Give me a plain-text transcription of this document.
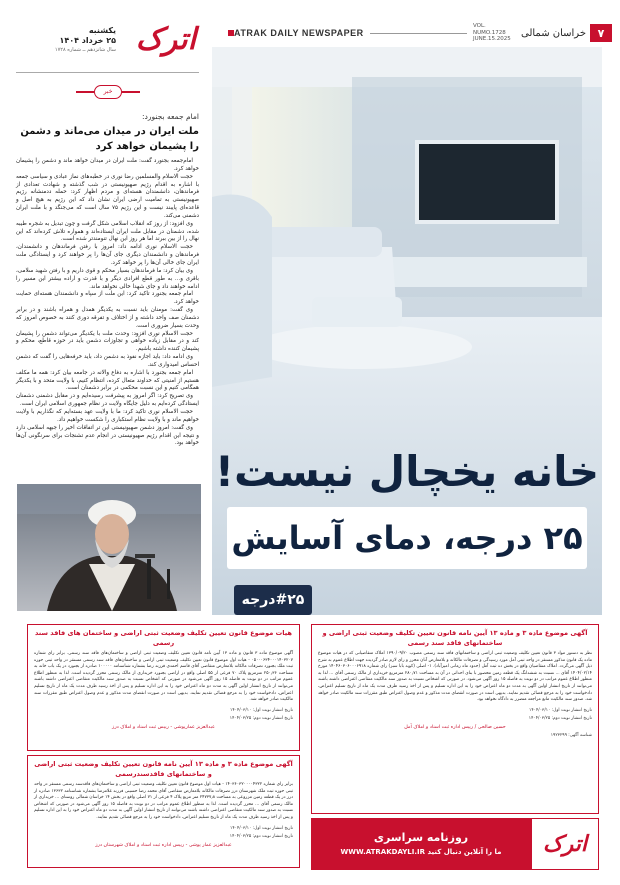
۷
خراسان شمالی
VOL. NUMO.1728
JUNE.15.2025
ATRAK DAILY NEWSPAPER
اترک
یکشنبه
۲۵ خرداد ۱۴۰۴
سال شانزدهم ــ شماره ۱۷۲۸
خبر
امام جمعه بجنورد:
ملت ایران در میدان می‌ماند و دشمن را پشیمان خواهد کرد

امام‌جمعه بجنورد گفت: ملت ایران در میدان خواهد ماند و دشمن را پشیمان خواهد کرد.

حجت الاسلام والمسلمین رضا نوری در خطبه‌های نماز عبادی و سیاسی جمعه با اشاره به اقدام رژیم صهیونیستی در شب گذشته و شهادت تعدادی از فرماندهان، دانشمندان هسته‌ای و مردم اظهار کرد: حمله ددمنشانه رژیم صهیونیستی به تمامیت ارضی ایران نشان داد که این رژیم به هیچ اصل و قاعده‌ای پایبند نیست و این رژیم ۷۵ سال است که می‌جنگد و با ملت ایران دشمنی می‌کند.

وی افزود: از روز که انقلاب اسلامی شکل گرفت و چون تبدیل به شجره طیبه شده، دشمنان در مقابل ملت ایران ایستاده‌اند و همواره تلاش کرده‌اند که این نهال را از بین ببرند اما هر روز این نهال تنومندتر شده است.

حجت الاسلام نوری ادامه داد: امروز با رفتن فرماندهان و دانشمندان، فرماندهان و دانشمندان دیگری جای آن‌ها را پر خواهند کرد و ایستادگی ملت ایران جای خالی آن‌ها را پر خواهد کرد.

وی بیان کرد: ما فرماندهان بسیار محکم و قوی داریم و با رفتن شهید سلامی، باقری و... به طور قطع افرادی دیگر و با قدرت و اراده بیشتر این مسیر را ادامه خواهند داد و جای شهدا خالی نخواهد ماند.

امام جمعه بجنورد تاکید کرد: این ملت از سپاه و دانشمندان هسته‌ای حمایت خواهد کرد.

وی گفت: مومنان باید نسبت به یکدیگر همدل و همراه باشند و در برابر دشمنان صف واحد داشته و از اختلاف و تفرقه دوری کنند به خصوص امروز که وحدت بسیار ضروری است.

حجت الاسلام نوری افزود: وحدت ملت با یکدیگر می‌تواند دشمن را پشیمان کند و در مقابل زیاده خواهی و تجاوزات دشمن باید در حوزه قاطع، محکم و پشیمان کننده داشته باشیم.

وی ادامه داد: باید اجازه نفوذ به دشمن داد، باید خرفه‌هایی را گفت که دشمن احساس امیدواری کند.

امام جمعه بجنورد با اشاره به دفاع والانه در جامعه بیان کرد: همه ما مکلف هستیم از امنیتی که خداوند متعال کرده، انتظام کنیم، با ولایت متحد و با یکدیگر همگامی کنیم و این نسبت محکمی در برابر دشمنان است.

وی تصریح کرد: اگر امروز به پیشرفت رسیده‌ایم و در مقابل دشمنی دشمنان ایستادگی کرده‌ایم به دلیل جایگاه ولایت در نظام جمهوری اسلامی ایران است.

حجت الاسلام نوری تاکید کرد: ما با ولایت عهد بسته‌ایم که نگذاریم با ولایت خواهیم ماند و با ولایت نظام استکباری را شکست خواهیم داد.

وی گفت: امروز دشمن صهیونیستی این تر اتفاقات اخیر را جبهه اسلامی دارد و نتیجه این اقدام رژیم صهیونیستی در انجام عدم تشنجات برای سرنگونی آن‌ها خواهد بود.

خانه یخچال نیست!
۲۵ درجه، دمای آسایش
#۲۵درجه
هیات موضوع قانون تعیین تکلیف وضعیت ثبتی اراضی و ساختمان های فاقد سند رسمی
آگهی موضوع ماده ۳ قانون و ماده ۱۳ آیین نامه قانون تعیین تکلیف وضعیت ثبتی اراضی و ساختمان‌های فاقد سند رسمی. برابر رای شماره ۰۵۰۰۰۶۳۴۰۰۰۱۴۰۳۲۰۷ - هیات اول موضوع قانون تعیین تکلیف وضعیت ثبتی اراضی و ساختمان‌های فاقد سند رسمی مستقر در واحد ثبتی حوزه ثبت ملک بجنورد تصرفات مالکانه بلامعارض متقاضی آقای قاسم احمدی فرزند رضا بشماره شناسنامه ۱۰۰۰۰۰ صادره از بجنورد در یک باب خانه به مساحت ۲۵۰٫۳۶ مترمربع پلاک ۷۰ فرعی از ۵۵ اصلی واقع در اراضی بجنورد خریداری از مالک رسمی محرز گردیده است. لذا به منظور اطلاع عموم مراتب در دو نوبت به فاصله ۱۵ روز آگهی می‌شود در صورتی که اشخاص نسبت به صدور سند مالکیت متقاضی اعتراضی داشته باشند می‌توانند از تاریخ انتشار اولین آگهی به مدت دو ماه اعتراض خود را به این اداره تسلیم و پس از اخذ رسید ظرف مدت یک ماه از تاریخ تسلیم اعتراض، دادخواست خود را به مرجع قضائی تقدیم نمایند. بدیهی است در صورت انقضای مدت مذکور و عدم وصول اعتراض طبق مقررات سند مالکیت صادر خواهد شد.
تاریخ انتشار نوبت اول: ۱۴۰۴/۰۳/۱۰
تاریخ انتشار نوبت دوم: ۱۴۰۴/۰۳/۲۵
عبدالعزیز عمارپوشی - رییس ثبت اسناد و املاک درز
آگهی موضوع ماده ۳ و ماده ۱۳ آیین نامه قانون تعیین تکلیف وضعیت ثبتی اراضی و ساختمانهای فاقدسندرسمی
برابر رای شماره ۱۴۰۳۶۰۳۲۰۰۰۰۴۳۲۲ - هیات اول موضوع قانون تعیین تکلیف وضعیت ثبتی اراضی و ساختمان‌های فاقدسند رسمی مستقر در واحد ثبتی حوزه ثبت ملک شهرستان درز تصرفات مالکانه بلامعارض متقاضی آقای محمد رضا حسینی فرزند غلامرضا بشماره شناسنامه ۱۳۶۳۲ صادره از درز در یک قطعه زمین مزروعی به مساحت ۲۴۷۳۷٫۸ متر مربع پلاک ۴ فرعی از ۷۱ اصلی واقع در بخش ۱۴ خراسان شمالی روستای ... خریداری از مالک رسمی آقای ... محرز گردیده است. لذا به منظور اطلاع عموم مراتب در دو نوبت به فاصله ۱۵ روز آگهی می‌شود در صورتی که اشخاص نسبت به صدور سند مالکیت متقاضی اعتراضی داشته باشند می‌توانند از تاریخ انتشار اولین آگهی به مدت دو ماه اعتراض خود را به این اداره تسلیم و پس از اخذ رسید ظرف مدت یک ماه از تاریخ تسلیم اعتراض، دادخواست خود را به مرجع قضائی تقدیم نمایند.
تاریخ انتشار نوبت اول: ۱۴۰۴/۰۳/۱۰
تاریخ انتشار نوبت دوم: ۱۴۰۴/۰۳/۲۵
عبدالعزیز عمار پوشی - رییس اداره ثبت اسناد و املاک شهرستان درز
آگهی موضوع ماده ۳ و ماده ۱۳ آیین نامه قانون تعیین تکلیف وضعیت ثبتی اراضی و ساختمانهای فاقد سند رسمی
نظر به دستور مواد ۳ قانون تعیین تکلیف وضعیت ثبتی اراضی و ساختمانهای فاقد سند رسمی مصوب ۱۳۹۰/۰۹/۲۰ املاک متقاضیانی که در هیات موضوع ماده یک قانون مذکور مستقر در واحد ثبتی آمل مورد رسیدگی و تصرفات مالکانه و بلامعارض آنان محرز و رای لازم صادر گردیده جهت اطلاع عموم به شرح ذیل آگهی می‌گردد. املاک متقاضیان واقع در بخش ده ثبت آمل (حدود ماه زمانی امیرآباد). ۱- اصلی (کوپه بابا سبز) رای شماره ۱۴۰۴۶۰۳۰۶۰۰۰۶۹۱۸ مورخ ۱۴۰۴/۰۲/۱۴ آقای ... نسبت به ششدانگ یک قطعه زمین محصور با بنای احداثی در آن به مساحت ۲۸۰٫۷۱ مترمربع خریداری از مالک رسمی آقای ... لذا به منظور اطلاع عموم مراتب در دو نوبت به فاصله ۱۵ روز آگهی می‌شود. در صورتی که اشخاص نسبت به صدور سند مالکیت متقاضی اعتراضی داشته باشند می‌توانند از تاریخ انتشار اولین آگهی به مدت دو ماه اعتراض خود را به این اداره تسلیم و پس از اخذ رسید ظرف مدت یک ماه از تاریخ تسلیم اعتراض، دادخواست خود را به مرجع قضائی تقدیم نمایند. بدیهی است در صورت انقضای مدت مذکور و عدم وصول اعتراض طبق مقررات سند مالکیت صادر خواهد شد. صدور سند مالکیت مانع مراجعه متضرر به دادگاه نخواهد بود.
تاریخ انتشار نوبت اول: ۱۴۰۴/۰۳/۱۰
تاریخ انتشار نوبت دوم: ۱۴۰۴/۰۳/۲۵
حسین صالحی / رییس اداره ثبت اسناد و املاک آمل
شناسه آگهی: ۱۹۲۳۲۹۹
اترک
روزنامه سراسری
WWW.ATRAKDAYLI.IR ما را آنلاین دنبال کنید
